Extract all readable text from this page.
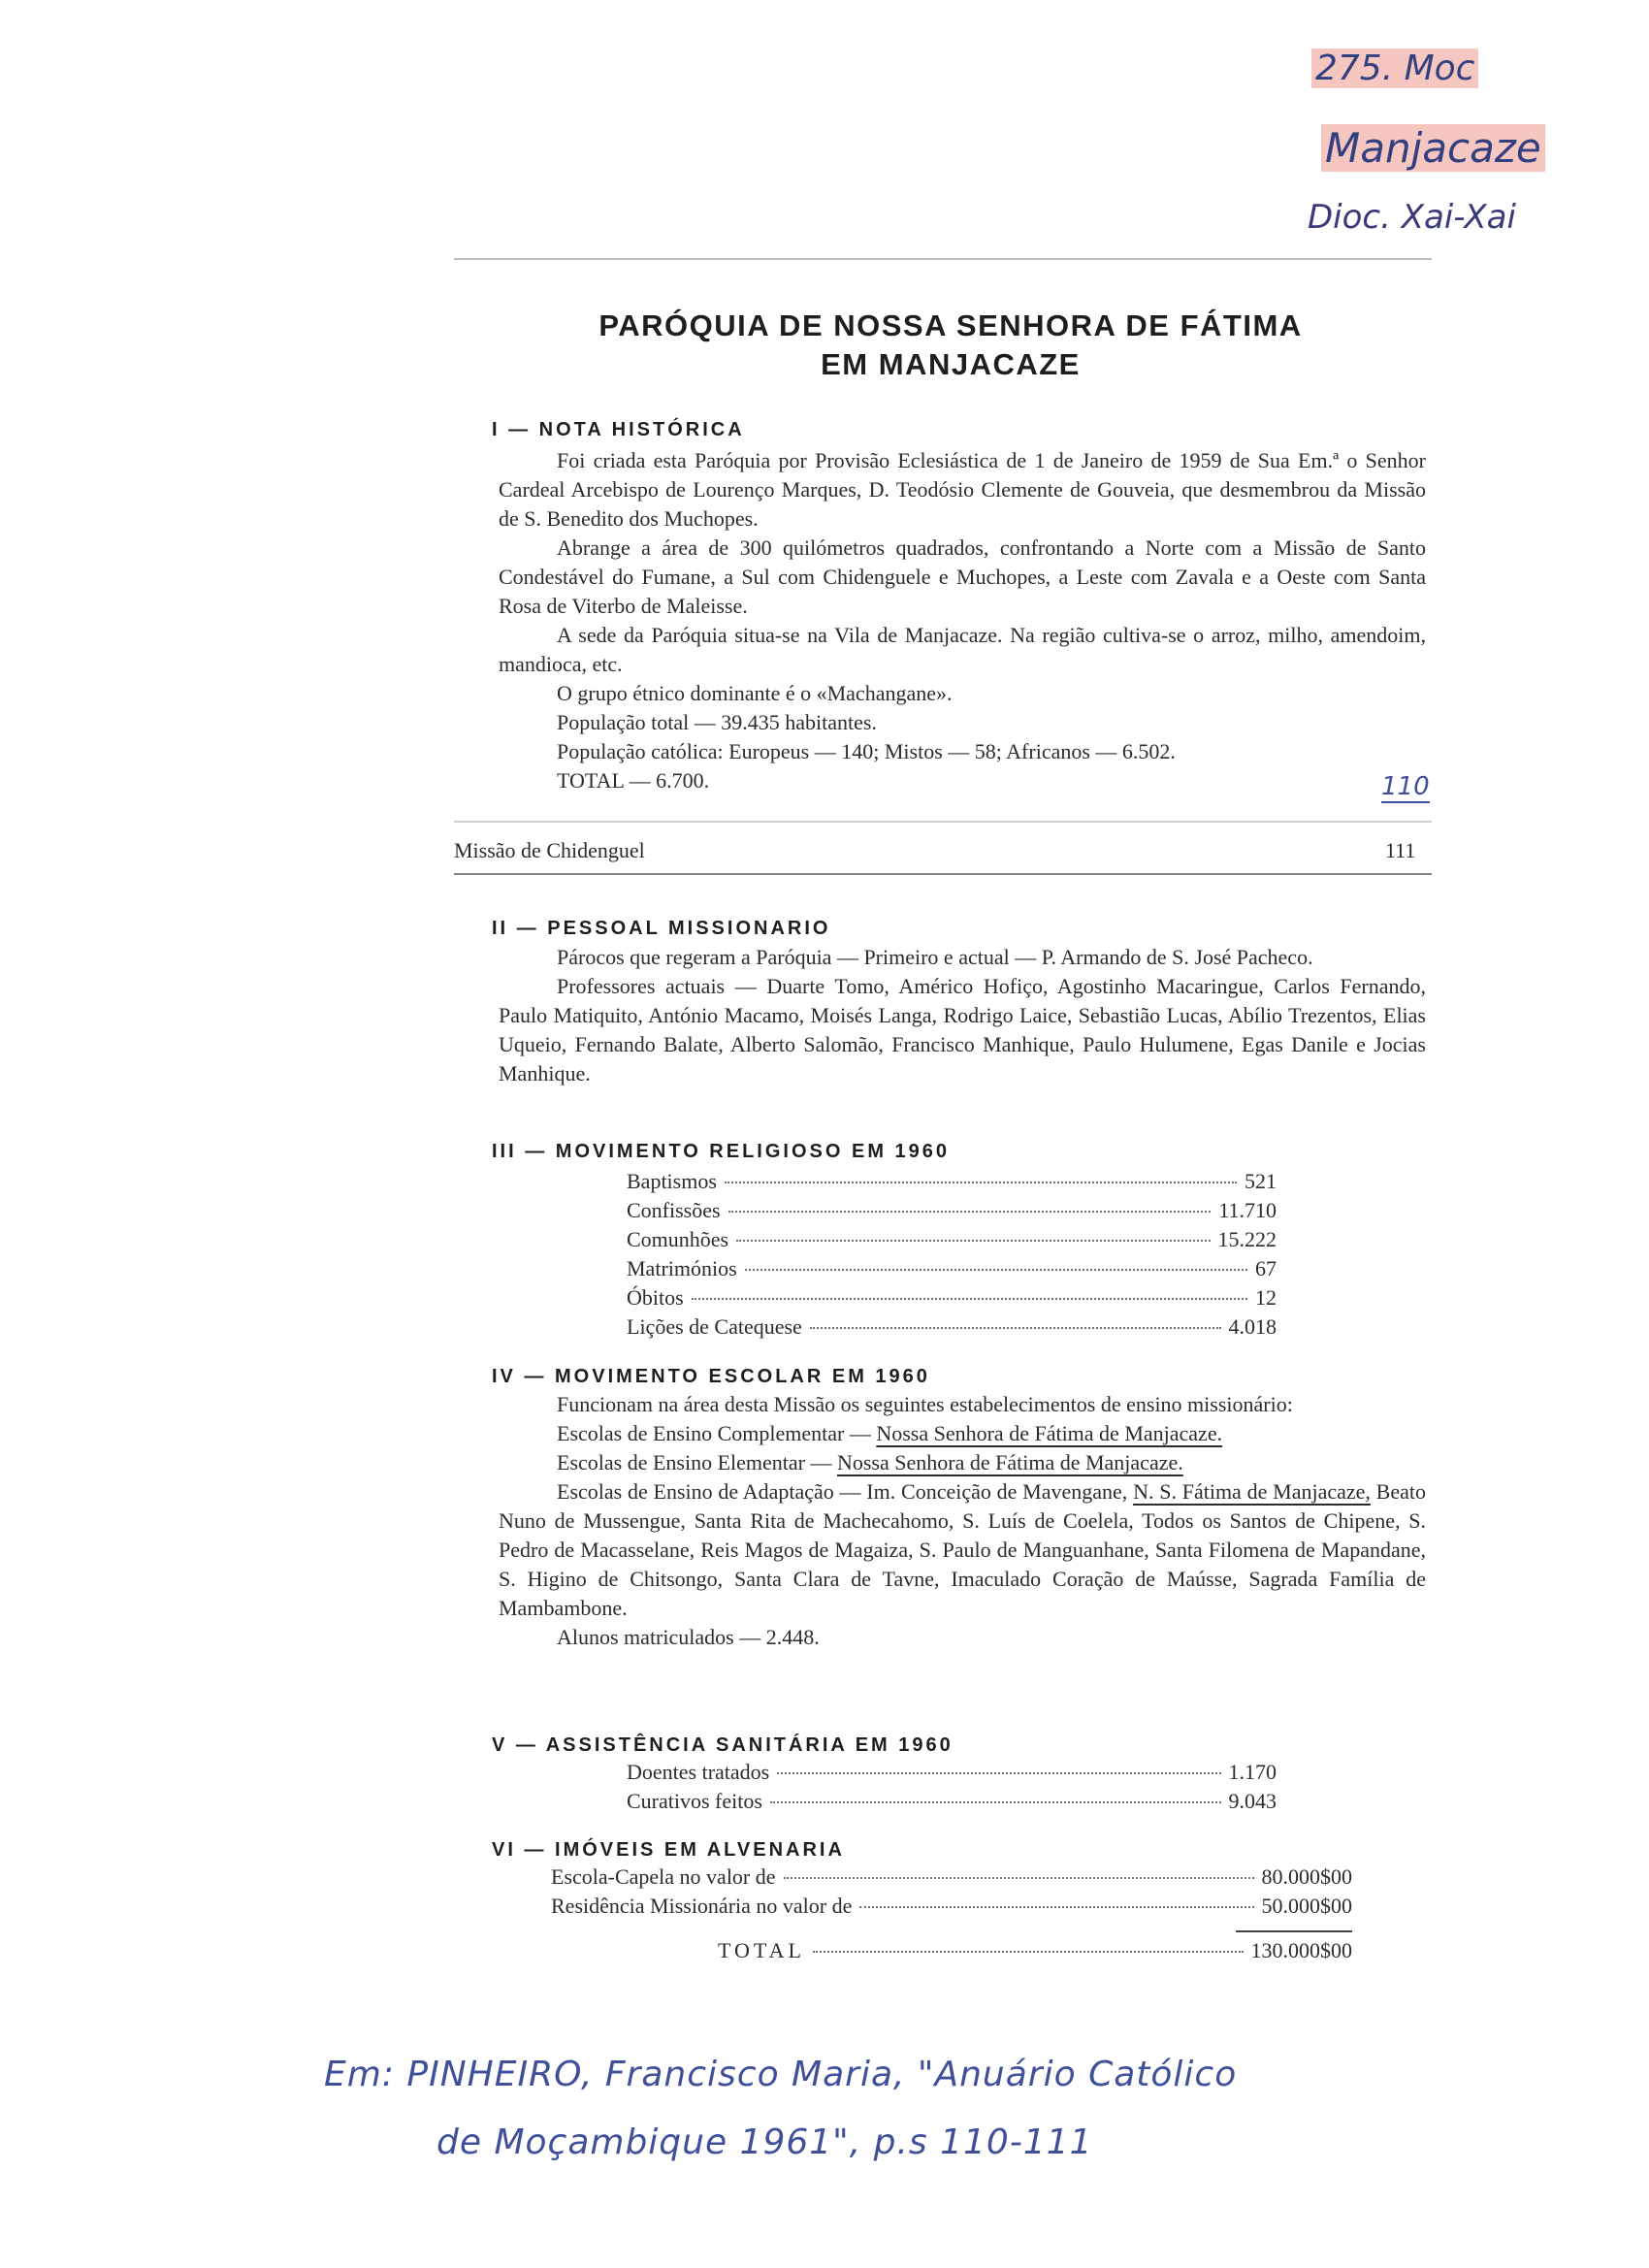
275. Moc
Manjacaze
Dioc. Xai-Xai
PARÓQUIA DE NOSSA SENHORA DE FÁTIMA
EM MANJACAZE
I — NOTA HISTÓRICA

Foi criada esta Paróquia por Provisão Eclesiástica de 1 de Janeiro de 1959 de Sua Em.ª o Senhor Cardeal Arcebispo de Lourenço Marques, D. Teodósio Clemente de Gouveia, que desmembrou da Missão de S. Benedito dos Muchopes.
Abrange a área de 300 quilómetros quadrados, confrontando a Norte com a Missão de Santo Condestável do Fumane, a Sul com Chidenguele e Muchopes, a Leste com Zavala e a Oeste com Santa Rosa de Viterbo de Maleisse.
A sede da Paróquia situa-se na Vila de Manjacaze. Na região cultiva-se o arroz, milho, amendoim, mandioca, etc.
O grupo étnico dominante é o «Machangane».
População total — 39.435 habitantes.
População católica: Europeus — 140; Mistos — 58; Africanos — 6.502.
TOTAL — 6.700.	110
Missão de Chidenguel	111
II — PESSOAL MISSIONARIO

Párocos que regeram a Paróquia — Primeiro e actual — P. Armando de S. José Pacheco.
Professores actuais — Duarte Tomo, Américo Hofiço, Agostinho Macaringue, Carlos Fernando, Paulo Matiquito, António Macamo, Moisés Langa, Rodrigo Laice, Sebastião Lucas, Abílio Trezentos, Elias Uqueio, Fernando Balate, Alberto Salomão, Francisco Manhique, Paulo Hulumene, Egas Danile e Jocias Manhique.

III — MOVIMENTO RELIGIOSO EM 1960
Baptismos	521
Confissões	11.710
Comunhões	15.222
Matrimónios	67
Óbitos	12
Lições de Catequese	4.018
IV — MOVIMENTO ESCOLAR EM 1960

Funcionam na área desta Missão os seguintes estabelecimentos de ensino missionário:
Escolas de Ensino Complementar — Nossa Senhora de Fátima de Manjacaze.
Escolas de Ensino Elementar — Nossa Senhora de Fátima de Manjacaze.
Escolas de Ensino de Adaptação — Im. Conceição de Mavengane, N. S. Fátima de Manjacaze, Beato Nuno de Mussengue, Santa Rita de Machecahomo, S. Luís de Coelela, Todos os Santos de Chipene, S. Pedro de Macasselane, Reis Magos de Magaiza, S. Paulo de Manguanhane, Santa Filomena de Mapandane, S. Higino de Chitsongo, Santa Clara de Tavne, Imaculado Coração de Maússe, Sagrada Família de Mambambone.
Alunos matriculados — 2.448.

V — ASSISTÊNCIA SANITÁRIA EM 1960
Doentes tratados	1.170
Curativos feitos	9.043
VI — IMÓVEIS EM ALVENARIA
Escola-Capela no valor de	80.000$00
Residência Missionária no valor de	50.000$00
TOTAL	130.000$00
Em: PINHEIRO, Francisco Maria, "Anuário Católico
de Moçambique 1961", p.s 110-111
